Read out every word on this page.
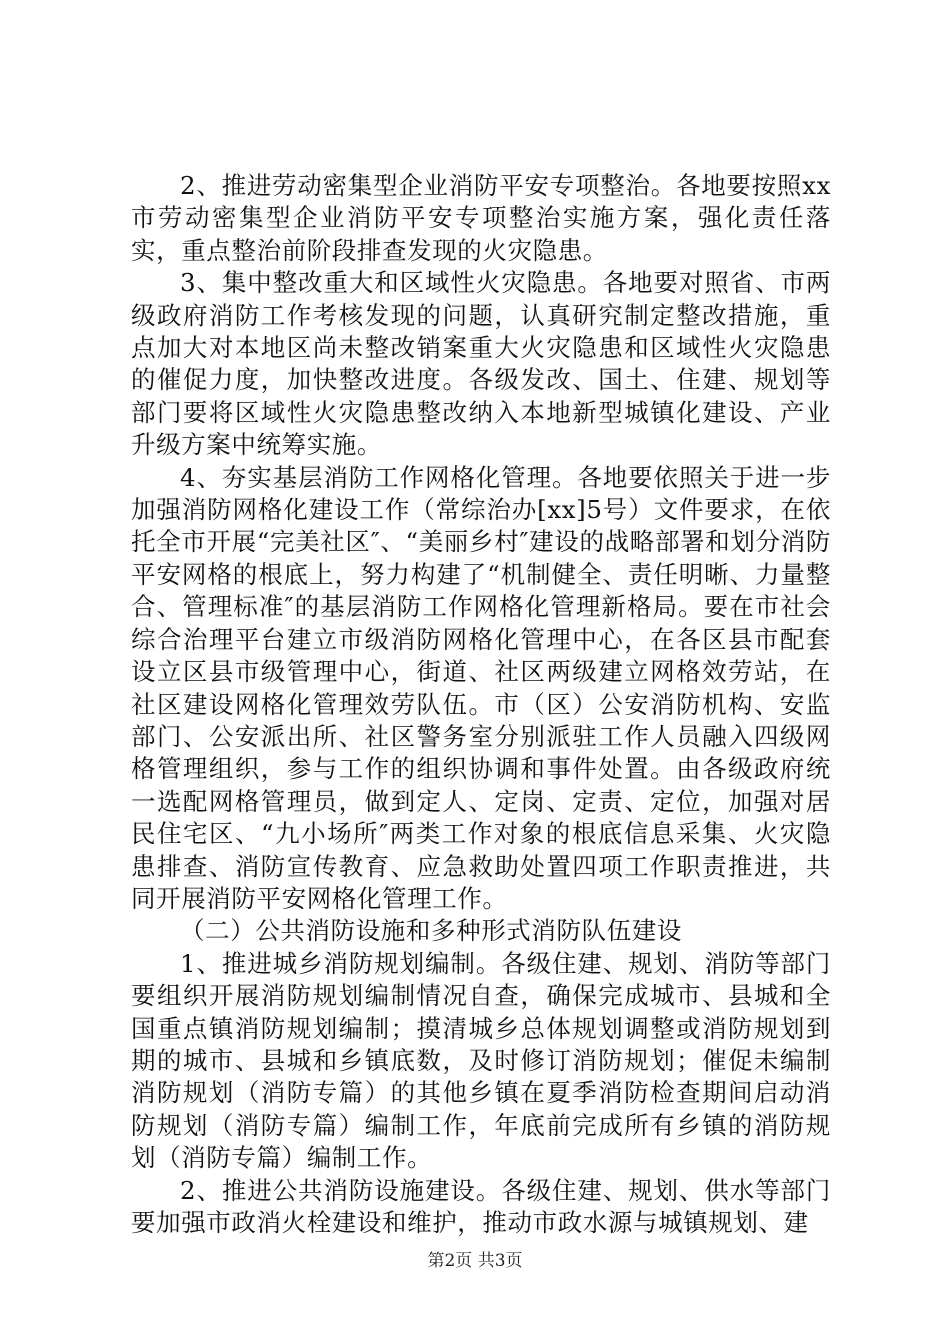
2、推进劳动密集型企业消防平安专项整治。各地要按照xx市劳动密集型企业消防平安专项整治实施方案，强化责任落实，重点整治前阶段排查发现的火灾隐患。

3、集中整改重大和区域性火灾隐患。各地要对照省、市两级政府消防工作考核发现的问题，认真研究制定整改措施，重点加大对本地区尚未整改销案重大火灾隐患和区域性火灾隐患的催促力度，加快整改进度。各级发改、国土、住建、规划等部门要将区域性火灾隐患整改纳入本地新型城镇化建设、产业升级方案中统筹实施。

4、夯实基层消防工作网格化管理。各地要依照关于进一步加强消防网格化建设工作（常综治办[xx]5号）文件要求，在依托全市开展“完美社区″、“美丽乡村″建设的战略部署和划分消防平安网格的根底上，努力构建了“机制健全、责任明晰、力量整合、管理标准″的基层消防工作网格化管理新格局。要在市社会综合治理平台建立市级消防网格化管理中心，在各区县市配套设立区县市级管理中心，街道、社区两级建立网格效劳站，在社区建设网格化管理效劳队伍。市（区）公安消防机构、安监部门、公安派出所、社区警务室分别派驻工作人员融入四级网格管理组织，参与工作的组织协调和事件处置。由各级政府统一选配网格管理员，做到定人、定岗、定责、定位，加强对居民住宅区、“九小场所″两类工作对象的根底信息采集、火灾隐患排查、消防宣传教育、应急救助处置四项工作职责推进，共同开展消防平安网格化管理工作。

（二）公共消防设施和多种形式消防队伍建设

1、推进城乡消防规划编制。各级住建、规划、消防等部门要组织开展消防规划编制情况自查，确保完成城市、县城和全国重点镇消防规划编制；摸清城乡总体规划调整或消防规划到期的城市、县城和乡镇底数，及时修订消防规划；催促未编制消防规划（消防专篇）的其他乡镇在夏季消防检查期间启动消防规划（消防专篇）编制工作，年底前完成所有乡镇的消防规划（消防专篇）编制工作。

2、推进公共消防设施建设。各级住建、规划、供水等部门要加强市政消火栓建设和维护，推动市政水源与城镇规划、建

第2页 共3页
